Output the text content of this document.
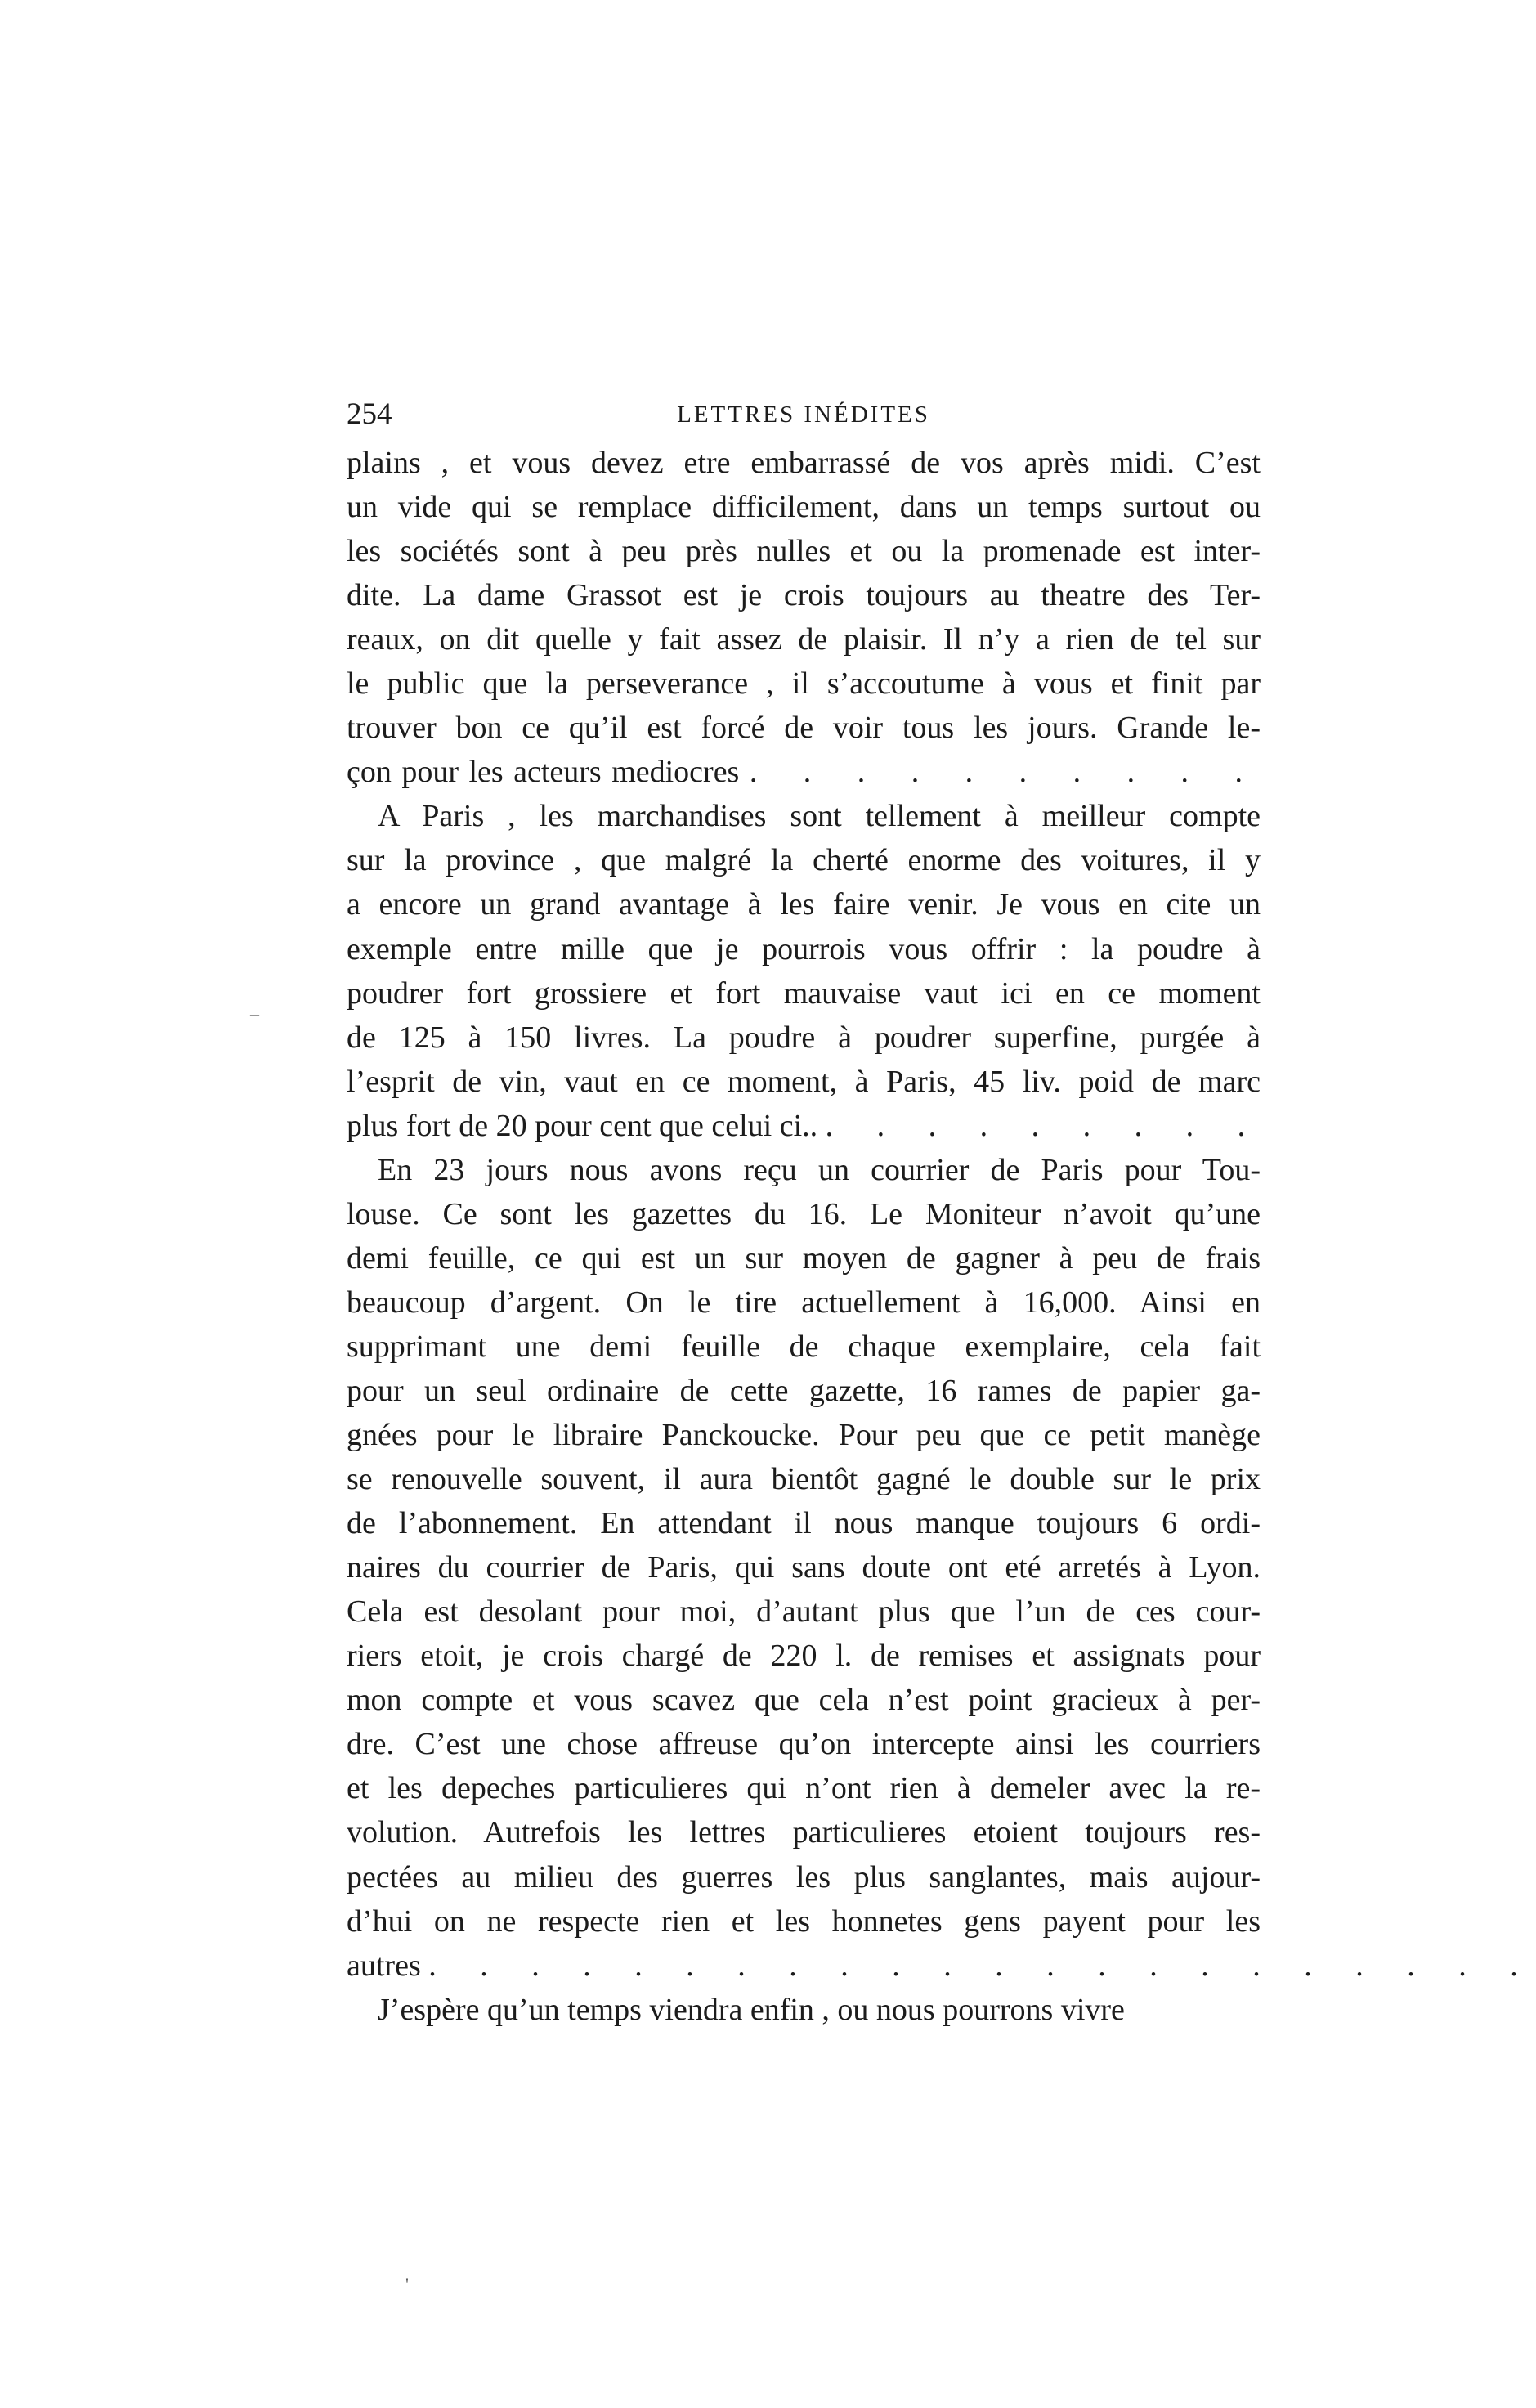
254	LETTRES INÉDITES
plains , et vous devez etre embarrassé de vos après midi. C’est
un vide qui se remplace difficilement, dans un temps surtout ou
les sociétés sont à peu près nulles et ou la promenade est inter-
dite. La dame Grassot est je crois toujours au theatre des Ter-
reaux, on dit quelle y fait assez de plaisir. Il n’y a rien de tel sur
le public que la perseverance , il s’accoutume à vous et finit par
trouver bon ce qu’il est forcé de voir tous les jours. Grande le-
çon pour les acteurs mediocres . . . . . . . . . .
A Paris , les marchandises sont tellement à meilleur compte
sur la province , que malgré la cherté enorme des voitures, il y
a encore un grand avantage à les faire venir. Je vous en cite un
exemple entre mille que je pourrois vous offrir : la poudre à
poudrer fort grossiere et fort mauvaise vaut ici en ce moment
de 125 à 150 livres. La poudre à poudrer superfine, purgée à
l’esprit de vin, vaut en ce moment, à Paris, 45 liv. poid de marc
plus fort de 20 pour cent que celui ci.. . . . . . . . . .
En 23 jours nous avons reçu un courrier de Paris pour Tou-
louse. Ce sont les gazettes du 16. Le Moniteur n’avoit qu’une
demi feuille, ce qui est un sur moyen de gagner à peu de frais
beaucoup d’argent. On le tire actuellement à 16,000. Ainsi en
supprimant une demi feuille de chaque exemplaire, cela fait
pour un seul ordinaire de cette gazette, 16 rames de papier ga-
gnées pour le libraire Panckoucke. Pour peu que ce petit manège
se renouvelle souvent, il aura bientôt gagné le double sur le prix
de l’abonnement. En attendant il nous manque toujours 6 ordi-
naires du courrier de Paris, qui sans doute ont eté arretés à Lyon.
Cela est desolant pour moi, d’autant plus que l’un de ces cour-
riers etoit, je crois chargé de 220 l. de remises et assignats pour
mon compte et vous scavez que cela n’est point gracieux à per-
dre. C’est une chose affreuse qu’on intercepte ainsi les courriers
et les depeches particulieres qui n’ont rien à demeler avec la re-
volution. Autrefois les lettres particulieres etoient toujours res-
pectées au milieu des guerres les plus sanglantes, mais aujour-
d’hui on ne respecte rien et les honnetes gens payent pour les
autres . . . . . . . . . . . . . . . . . . . . . .
J’espère qu’un temps viendra enfin , ou nous pourrons vivre
–
'
